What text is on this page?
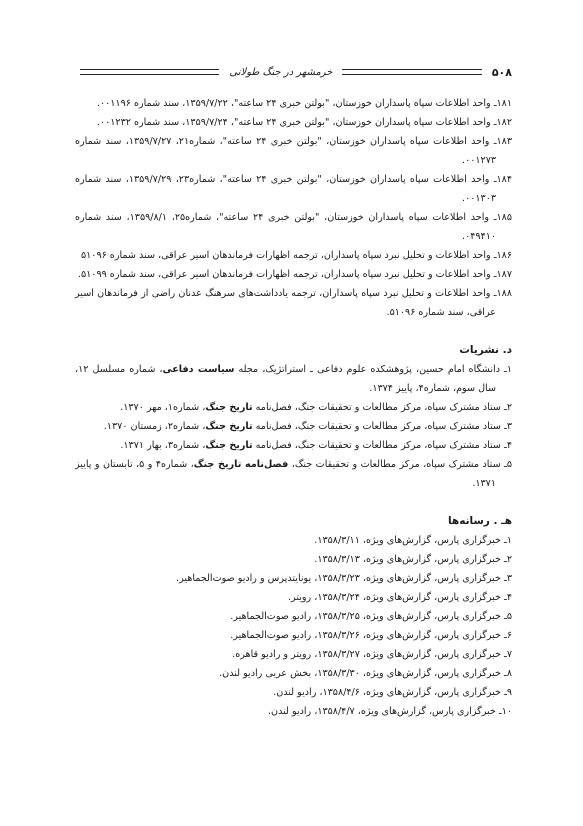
۵۰۸
خرمشهر در جنگ طولانی

۱۸۱ـ واحد اطلاعات سپاه پاسداران خوزستان، "بولتن خبری ۲۴ ساعته"، ۱۳۵۹/۷/۲۲، سند شماره ۰۰۱۱۹۶.

۱۸۲ـ واحد اطلاعات سپاه پاسداران خوزستان، "بولتن خبری ۲۴ ساعته"، ۱۳۵۹/۷/۲۴، سند شماره ۰۰۱۲۳۲.

۱۸۳ـ واحد اطلاعات سپاه پاسداران خوزستان، "بولتن خبری ۲۴ ساعته"، شماره۲۱، ۱۳۵۹/۷/۲۷، سند شماره ۰۰۱۲۷۳.

۱۸۴ـ واحد اطلاعات سپاه پاسداران خوزستان، "بولتن خبری ۲۴ ساعته"، شماره۲۳، ۱۳۵۹/۷/۲۹، سند شماره ۰۰۱۳۰۳.

۱۸۵ـ واحد اطلاعات سپاه پاسداران خوزستان، "بولتن خبری ۲۴ ساعته"، شماره۲۵، ۱۳۵۹/۸/۱، سند شماره ۰۴۹۴۱۰.

۱۸۶ـ واحد اطلاعات و تحلیل نبرد سپاه پاسداران، ترجمه اظهارات فرماندهان اسیر عراقی، سند شماره ۵۱۰۹۶

۱۸۷ـ واحد اطلاعات و تحلیل نبرد سپاه پاسداران، ترجمه اظهارات فرماندهان اسیر عراقی، سند شماره ۵۱۰۹۹.

۱۸۸ـ واحد اطلاعات و تحلیل نبرد سپاه پاسداران، ترجمه یادداشت‌های سرهنگ عدنان راضی از فرماندهان اسیر عراقی، سند شماره ۵۱۰۹۶.

د. نشریات

۱ـ دانشگاه امام حسین، پژوهشکده علوم دفاعی ـ استراتژیک، مجله سیاست دفاعی، شماره مسلسل ۱۲، سال سوم، شماره۴، پاییز ۱۳۷۴.

۲ـ ستاد مشترک سپاه، مرکز مطالعات و تحقیقات جنگ، فصل‌نامه تاریخ جنگ، شماره۱، مهر ۱۳۷۰.

۳ـ ستاد مشترک سپاه، مرکز مطالعات و تحقیقات جنگ، فصل‌نامه تاریخ جنگ، شماره۲، زمستان ۱۳۷۰.

۴ـ ستاد مشترک سپاه، مرکز مطالعات و تحقیقات جنگ، فصل‌نامه تاریخ جنگ، شماره۳، بهار ۱۳۷۱.

۵ـ ستاد مشترک سپاه، مرکز مطالعات و تحقیقات جنگ، فصل‌نامه تاریخ جنگ، شماره۴ و ۵، تابستان و پاییز ۱۳۷۱.

هـ . رسانه‌ها

۱ـ خبرگزاری پارس، گزارش‌های ویژه، ۱۳۵۸/۳/۱۱.

۲ـ خبرگزاری پارس، گزارش‌های ویژه، ۱۳۵۸/۳/۱۳.

۳ـ خبرگزاری پارس، گزارش‌های ویژه، ۱۳۵۸/۳/۲۳، یونایتدپرس و رادیو صوت‌الجماهیر.

۴ـ خبرگزاری پارس، گزارش‌های ویژه، ۱۳۵۸/۳/۲۴، رویتر.

۵ـ خبرگزاری پارس، گزارش‌های ویژه، ۱۳۵۸/۳/۲۵، رادیو صوت‌الجماهیر.

۶ـ خبرگزاری پارس، گزارش‌های ویژه، ۱۳۵۸/۳/۲۶، رادیو صوت‌الجماهیر.

۷ـ خبرگزاری پارس، گزارش‌های ویژه، ۱۳۵۸/۳/۲۷، رویتر و رادیو قاهره.

۸ـ خبرگزاری پارس، گزارش‌های ویژه، ۱۳۵۸/۳/۳۰، بخش عربی رادیو لندن.

۹ـ خبرگزاری پارس، گزارش‌های ویژه، ۱۳۵۸/۴/۶، رادیو لندن.

۱۰ـ خبرگزاری پارس، گزارش‌های ویژه، ۱۳۵۸/۴/۷، رادیو لندن.
